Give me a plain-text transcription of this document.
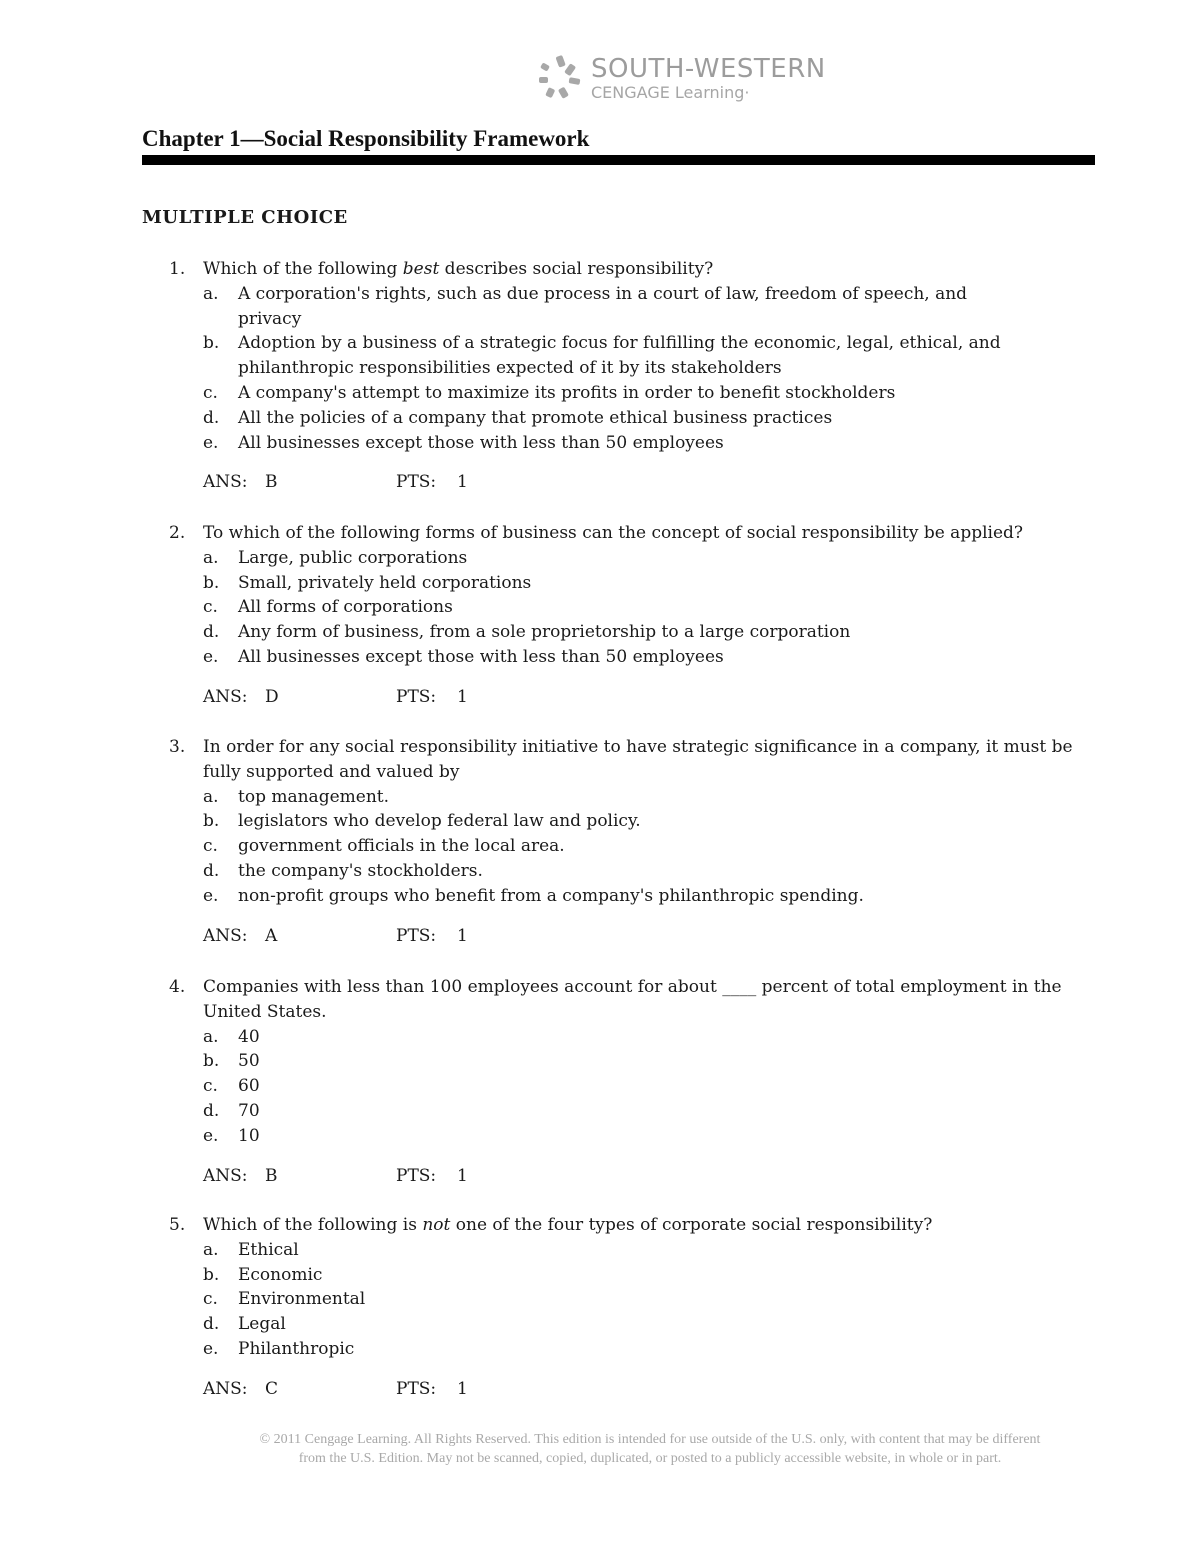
SOUTH-WESTERN
CENGAGE Learning·
Chapter 1—Social Responsibility Framework
MULTIPLE CHOICE
1. Which of the following best describes social responsibility?
a. A corporation's rights, such as due process in a court of law, freedom of speech, and
privacy
b. Adoption by a business of a strategic focus for fulfilling the economic, legal, ethical, and
philanthropic responsibilities expected of it by its stakeholders
c. A company's attempt to maximize its profits in order to benefit stockholders
d. All the policies of a company that promote ethical business practices
e. All businesses except those with less than 50 employees
ANS: B	PTS: 1
2. To which of the following forms of business can the concept of social responsibility be applied?
a. Large, public corporations
b. Small, privately held corporations
c. All forms of corporations
d. Any form of business, from a sole proprietorship to a large corporation
e. All businesses except those with less than 50 employees
ANS: D	PTS: 1
3. In order for any social responsibility initiative to have strategic significance in a company, it must be
fully supported and valued by
a. top management.
b. legislators who develop federal law and policy.
c. government officials in the local area.
d. the company's stockholders.
e. non-profit groups who benefit from a company's philanthropic spending.
ANS: A	PTS: 1
4. Companies with less than 100 employees account for about ____ percent of total employment in the
United States.
a. 40
b. 50
c. 60
d. 70
e. 10
ANS: B	PTS: 1
5. Which of the following is not one of the four types of corporate social responsibility?
a. Ethical
b. Economic
c. Environmental
d. Legal
e. Philanthropic
ANS: C	PTS: 1
© 2011 Cengage Learning. All Rights Reserved. This edition is intended for use outside of the U.S. only, with content that may be different
from the U.S. Edition. May not be scanned, copied, duplicated, or posted to a publicly accessible website, in whole or in part.
